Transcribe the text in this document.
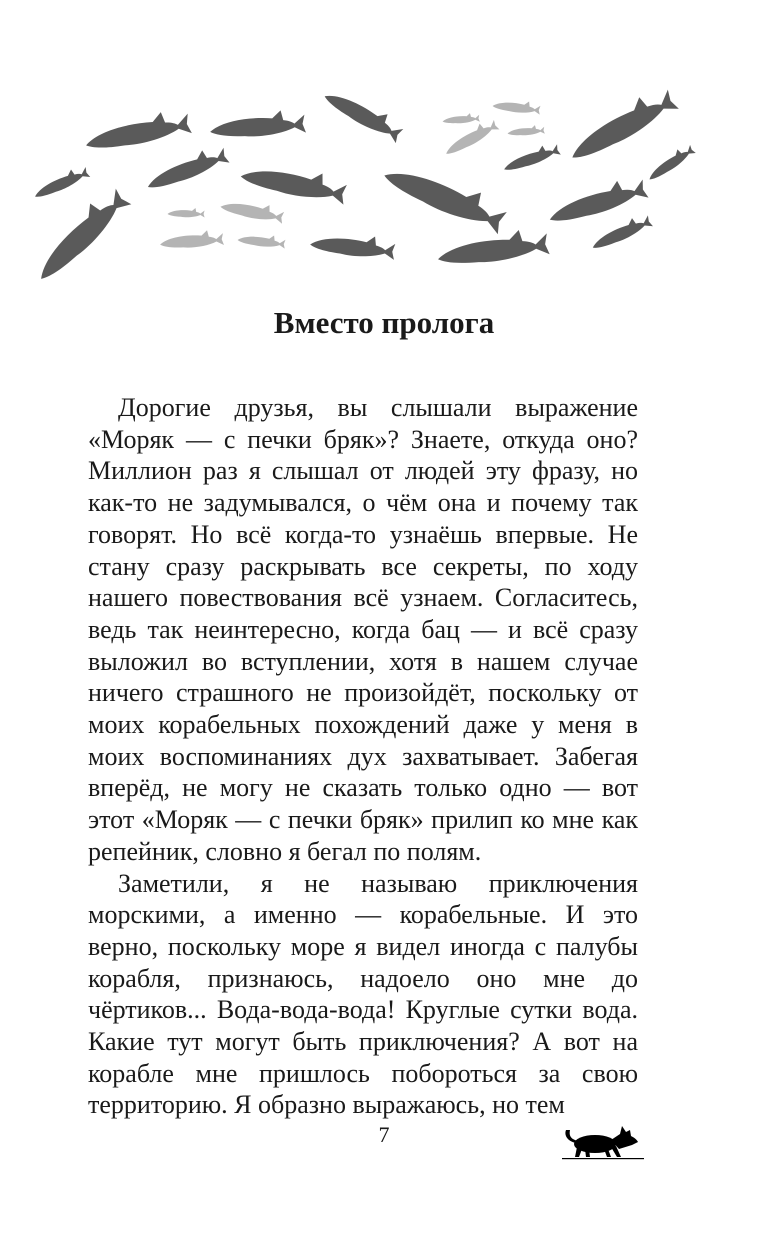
Вместо пролога

Дорогие друзья, вы слышали выражение «Моряк — с печки бряк»? Знаете, откуда оно? Миллион раз я слышал от людей эту фразу, но как-то не задумывался, о чём она и почему так говорят. Но всё когда-то узнаёшь впервые. Не стану сразу раскрывать все секреты, по ходу нашего повествования всё узнаем. Согласитесь, ведь так неинтересно, когда бац — и всё сразу выложил во вступлении, хотя в нашем случае ничего страшного не произойдёт, поскольку от моих корабельных похождений даже у меня в моих воспоминаниях дух захватывает. Забегая вперёд, не могу не сказать только одно — вот этот «Моряк — с печки бряк» прилип ко мне как репейник, словно я бегал по полям.

Заметили, я не называю приключения морскими, а именно — корабельные. И это верно, поскольку море я видел иногда с палубы корабля, признаюсь, надоело оно мне до чёртиков... Вода-вода-вода! Круглые сутки вода. Какие тут могут быть приключения? А вот на корабле мне пришлось побороться за свою территорию. Я образно выражаюсь, но тем

7
